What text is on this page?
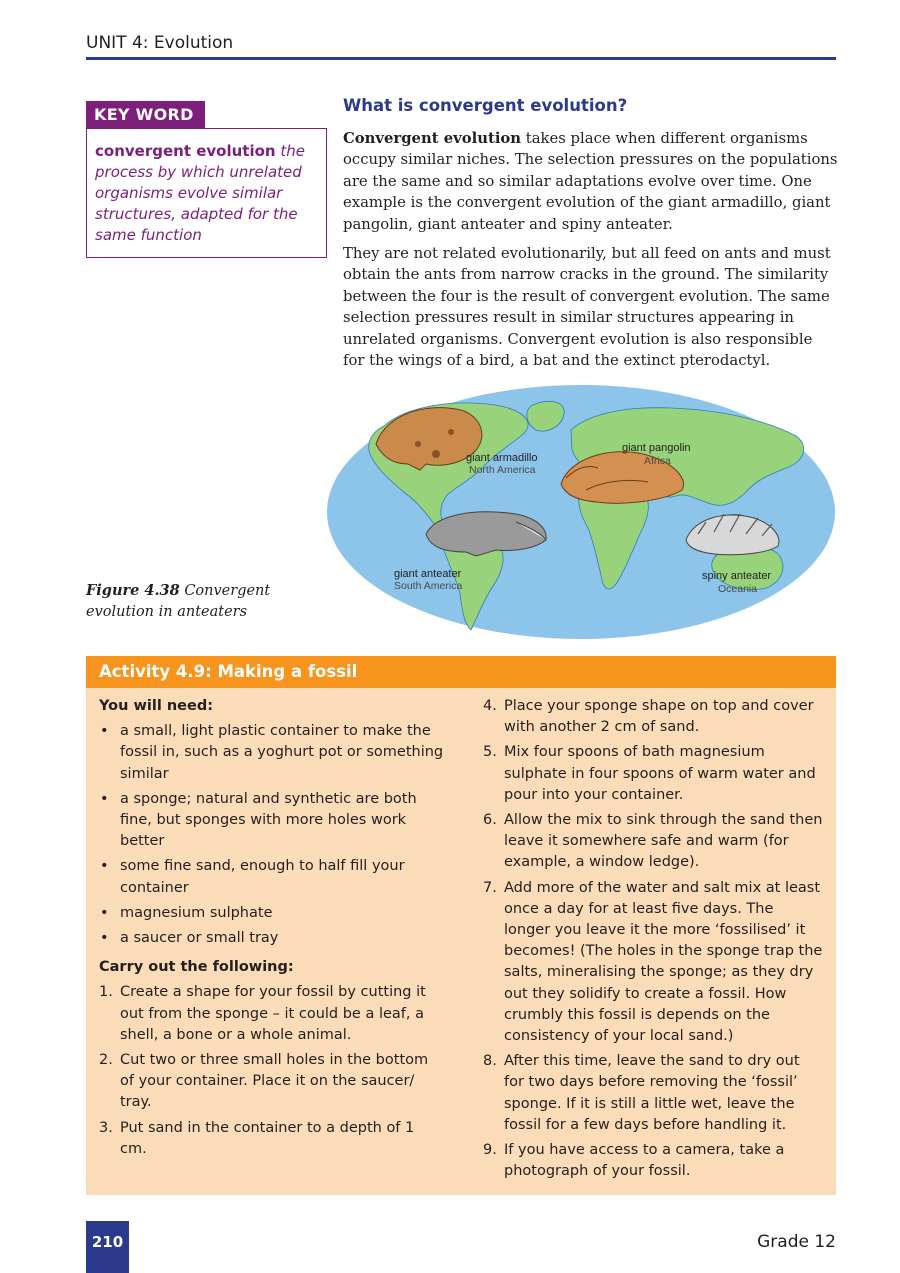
UNIT 4: Evolution
KEY WORD
convergent evolution the process by which unrelated organisms evolve similar structures, adapted for the same function
What is convergent evolution?
Convergent evolution takes place when different organisms occupy similar niches. The selection pressures on the populations are the same and so similar adaptations evolve over time. One example is the convergent evolution of the giant armadillo, giant pangolin, giant anteater and spiny anteater.
They are not related evolutionarily, but all feed on ants and must obtain the ants from narrow cracks in the ground. The similarity between the four is the result of convergent evolution. The same selection pressures result in similar structures appearing in unrelated organisms. Convergent evolution is also responsible for the wings of a bird, a bat and the extinct pterodactyl.
giant armadillo
North America
giant pangolin
Africa
giant anteater
South America
spiny anteater
Oceania
Figure 4.38 Convergent evolution in anteaters
Activity 4.9: Making a fossil
You will need:
• a small, light plastic container to make the fossil in, such as a yoghurt pot or something similar
• a sponge; natural and synthetic are both fine, but sponges with more holes work better
• some fine sand, enough to half fill your container
• magnesium sulphate
• a saucer or small tray
Carry out the following:
1. Create a shape for your fossil by cutting it out from the sponge – it could be a leaf, a shell, a bone or a whole animal.
2. Cut two or three small holes in the bottom of your container. Place it on the saucer/ tray.
3. Put sand in the container to a depth of 1 cm.
4. Place your sponge shape on top and cover with another 2 cm of sand.
5. Mix four spoons of bath magnesium sulphate in four spoons of warm water and pour into your container.
6. Allow the mix to sink through the sand then leave it somewhere safe and warm (for example, a window ledge).
7. Add more of the water and salt mix at least once a day for at least five days. The longer you leave it the more ‘fossilised’ it becomes! (The holes in the sponge trap the salts, mineralising the sponge; as they dry out they solidify to create a fossil. How crumbly this fossil is depends on the consistency of your local sand.)
8. After this time, leave the sand to dry out for two days before removing the ‘fossil’ sponge. If it is still a little wet, leave the fossil for a few days before handling it.
9. If you have access to a camera, take a photograph of your fossil.
210	Grade 12
